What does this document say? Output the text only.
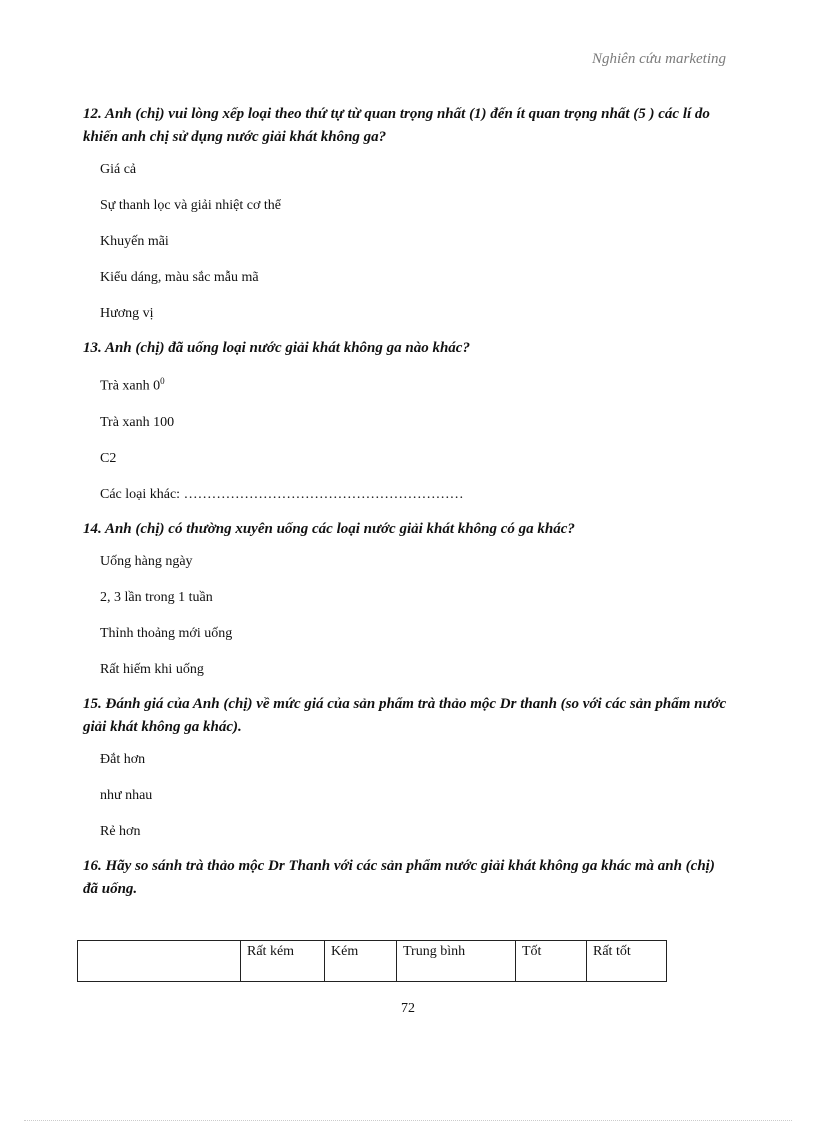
Nghiên cứu marketing

12. Anh (chị) vui lòng xếp loại theo thứ tự từ quan trọng nhất (1) đến ít quan trọng nhất (5 ) các lí do khiến anh chị sử dụng nước giải khát không ga?

Giá cả
Sự thanh lọc và giải nhiệt cơ thể
Khuyến mãi
Kiểu dáng, màu sắc mẫu mã
Hương vị

13. Anh (chị) đã uống loại nước giải khát không ga nào khác?

Trà xanh $0^0$
Trà xanh 100
C2
Các loại khác: ……………………………………………………

14. Anh (chị) có thường xuyên uống các loại nước giải khát không có ga khác?

Uống hàng ngày
2, 3 lần trong 1 tuần
Thỉnh thoảng mới uống
Rất hiếm khi uống

15. Đánh giá của Anh (chị) về mức giá của sản phẩm trà thảo mộc Dr thanh (so với các sản phẩm nước giải khát không ga khác).

Đắt hơn
như nhau
Rẻ hơn

16. Hãy so sánh trà thảo mộc Dr Thanh với các sản phẩm nước giải khát không ga khác mà anh (chị) đã uống.

	Rất kém	Kém	Trung bình	Tốt	Rất tốt
72
